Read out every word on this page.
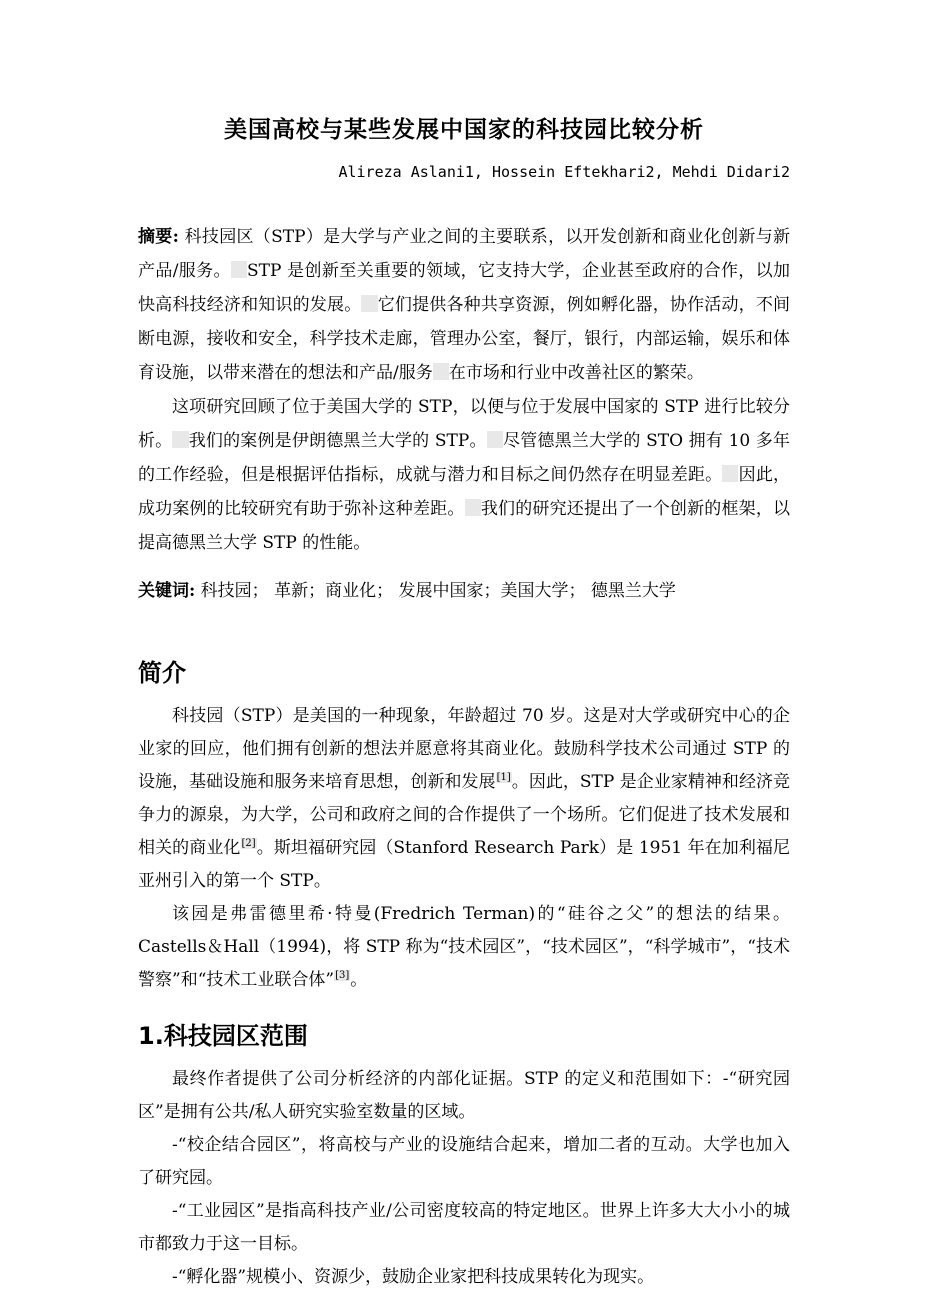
美国高校与某些发展中国家的科技园比较分析
Alireza Aslani1, Hossein Eftekhari2, Mehdi Didari2

摘要: 科技园区（STP）是大学与产业之间的主要联系，以开发创新和商业化创新与新产品/服务。 STP 是创新至关重要的领域，它支持大学，企业甚至政府的合作，以加快高科技经济和知识的发展。 它们提供各种共享资源，例如孵化器，协作活动，不间断电源，接收和安全，科学技术走廊，管理办公室，餐厅，银行，内部运输，娱乐和体育设施，以带来潜在的想法和产品/服务 在市场和行业中改善社区的繁荣。

这项研究回顾了位于美国大学的 STP，以便与位于发展中国家的 STP 进行比较分析。 我们的案例是伊朗德黑兰大学的 STP。 尽管德黑兰大学的 STO 拥有 10 多年的工作经验，但是根据评估指标，成就与潜力和目标之间仍然存在明显差距。 因此，成功案例的比较研究有助于弥补这种差距。 我们的研究还提出了一个创新的框架，以提高德黑兰大学 STP 的性能。

关键词: 科技园； 革新；商业化； 发展中国家；美国大学； 德黑兰大学
简介

科技园（STP）是美国的一种现象，年龄超过 70 岁。这是对大学或研究中心的企业家的回应，他们拥有创新的想法并愿意将其商业化。鼓励科学技术公司通过 STP 的设施，基础设施和服务来培育思想，创新和发展[1]。因此，STP 是企业家精神和经济竞争力的源泉，为大学，公司和政府之间的合作提供了一个场所。它们促进了技术发展和相关的商业化[2]。斯坦福研究园（Stanford Research Park）是 1951 年在加利福尼亚州引入的第一个 STP。

该园是弗雷德里希·特曼(Fredrich Terman)的“硅谷之父”的想法的结果。Castells＆Hall（1994)，将 STP 称为“技术园区”，“技术园区”，“科学城市”，“技术警察”和“技术工业联合体”[3]。

1.科技园区范围

最终作者提供了公司分析经济的内部化证据。STP 的定义和范围如下：-“研究园区”是拥有公共/私人研究实验室数量的区域。

-“校企结合园区”，将高校与产业的设施结合起来，增加二者的互动。大学也加入了研究园。

-“工业园区”是指高科技产业/公司密度较高的特定地区。世界上许多大大小小的城市都致力于这一目标。

-“孵化器”规模小、资源少，鼓励企业家把科技成果转化为现实。
